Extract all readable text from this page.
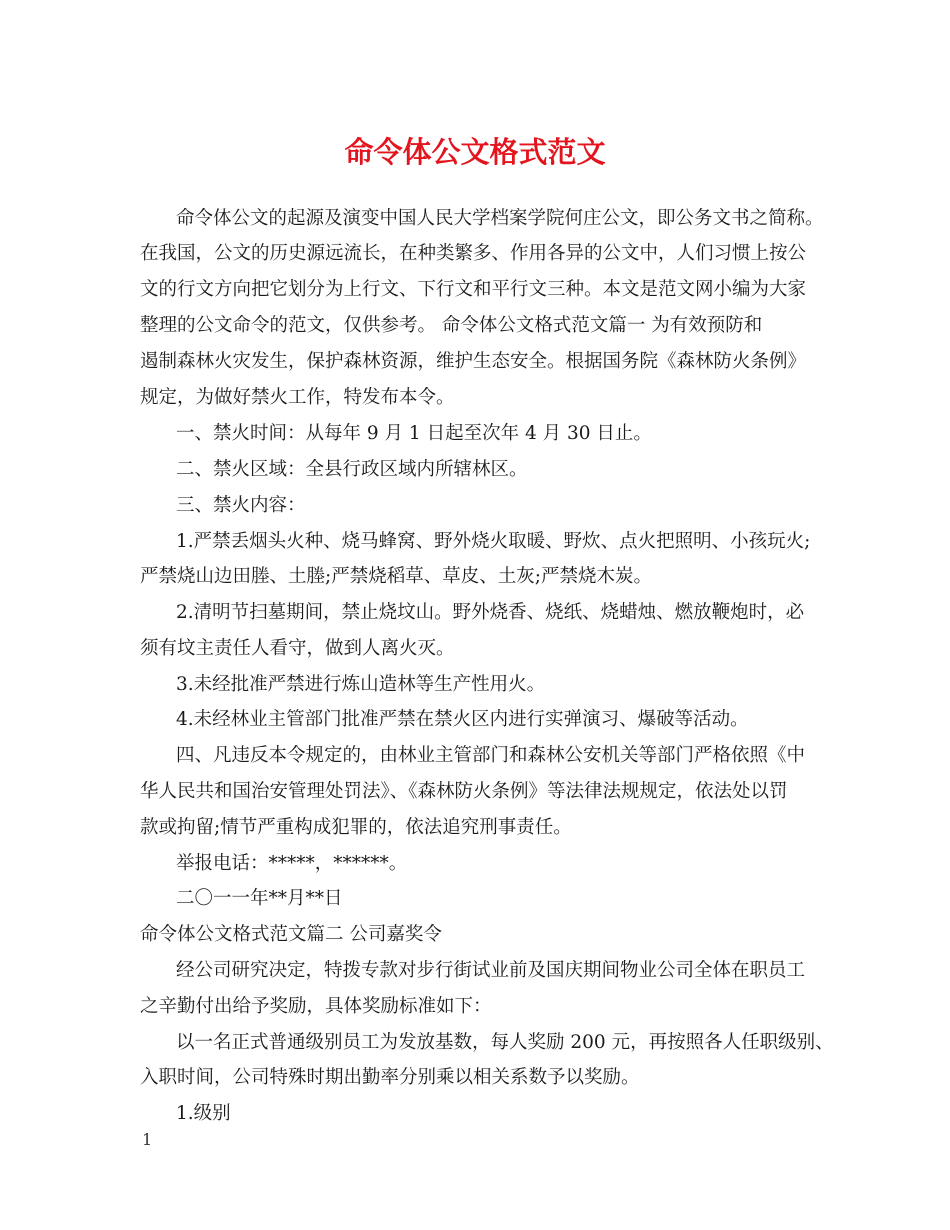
命令体公文格式范文
命令体公文的起源及演变中国人民大学档案学院何庄公文，即公务文书之简称。
在我国，公文的历史源远流长，在种类繁多、作用各异的公文中，人们习惯上按公
文的行文方向把它划分为上行文、下行文和平行文三种。本文是范文网小编为大家
整理的公文命令的范文，仅供参考。 命令体公文格式范文篇一 为有效预防和
遏制森林火灾发生，保护森林资源，维护生态安全。根据国务院《森林防火条例》
规定，为做好禁火工作，特发布本令。
一、禁火时间：从每年 9 月 1 日起至次年 4 月 30 日止。
二、禁火区域：全县行政区域内所辖林区。
三、禁火内容：
1.严禁丢烟头火种、烧马蜂窝、野外烧火取暖、野炊、点火把照明、小孩玩火;
严禁烧山边田塍、土塍;严禁烧稻草、草皮、土灰;严禁烧木炭。
2.清明节扫墓期间，禁止烧坟山。野外烧香、烧纸、烧蜡烛、燃放鞭炮时，必
须有坟主责任人看守，做到人离火灭。
3.未经批准严禁进行炼山造林等生产性用火。
4.未经林业主管部门批准严禁在禁火区内进行实弹演习、爆破等活动。
四、凡违反本令规定的，由林业主管部门和森林公安机关等部门严格依照《中
华人民共和国治安管理处罚法》、《森林防火条例》等法律法规规定，依法处以罚
款或拘留;情节严重构成犯罪的，依法追究刑事责任。
举报电话：*****，******。
二〇一一年**月**日
命令体公文格式范文篇二 公司嘉奖令
经公司研究决定，特拨专款对步行街试业前及国庆期间物业公司全体在职员工
之辛勤付出给予奖励，具体奖励标准如下：
以一名正式普通级别员工为发放基数，每人奖励 200 元，再按照各人任职级别、
入职时间，公司特殊时期出勤率分别乘以相关系数予以奖励。
1.级别
1
